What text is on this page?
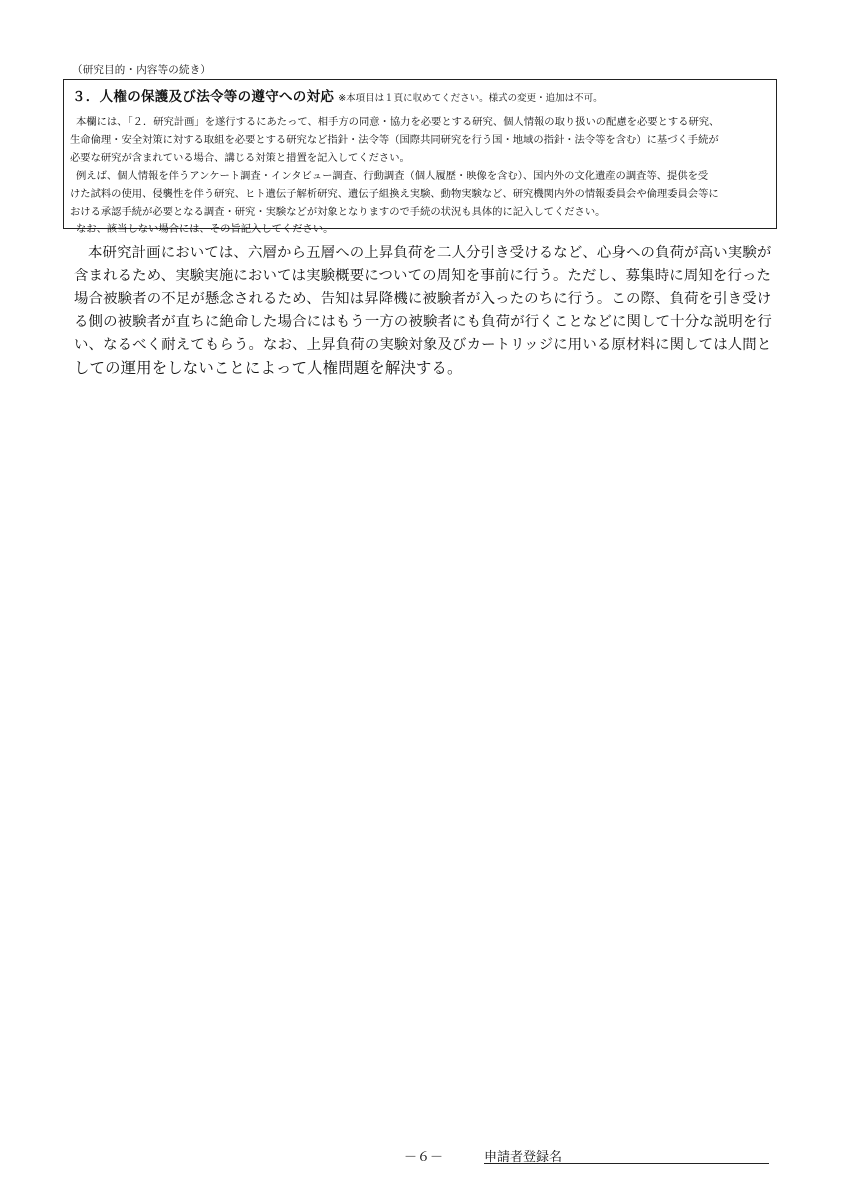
（研究目的・内容等の続き）
３．人権の保護及び法令等の遵守への対応 ※本項目は１頁に収めてください。様式の変更・追加は不可。
本欄には、「２．研究計画」を遂行するにあたって、相手方の同意・協力を必要とする研究、個人情報の取り扱いの配慮を必要とする研究、
生命倫理・安全対策に対する取組を必要とする研究など指針・法令等（国際共同研究を行う国・地域の指針・法令等を含む）に基づく手続が
必要な研究が含まれている場合、講じる対策と措置を記入してください。
例えば、個人情報を伴うアンケート調査・インタビュー調査、行動調査（個人履歴・映像を含む）、国内外の文化遺産の調査等、提供を受
けた試料の使用、侵襲性を伴う研究、ヒト遺伝子解析研究、遺伝子組換え実験、動物実験など、研究機関内外の情報委員会や倫理委員会等に
おける承認手続が必要となる調査・研究・実験などが対象となりますので手続の状況も具体的に記入してください。
なお、該当しない場合には、その旨記入してください。
本研究計画においては、六層から五層への上昇負荷を二人分引き受けるなど、心身への負荷が高い実験が
含まれるため、実験実施においては実験概要についての周知を事前に行う。ただし、募集時に周知を行った
場合被験者の不足が懸念されるため、告知は昇降機に被験者が入ったのちに行う。この際、負荷を引き受け
る側の被験者が直ちに絶命した場合にはもう一方の被験者にも負荷が行くことなどに関して十分な説明を行
い、なるべく耐えてもらう。なお、上昇負荷の実験対象及びカートリッジに用いる原材料に関しては人間と
しての運用をしないことによって人権問題を解決する。
－６－	申請者登録名
